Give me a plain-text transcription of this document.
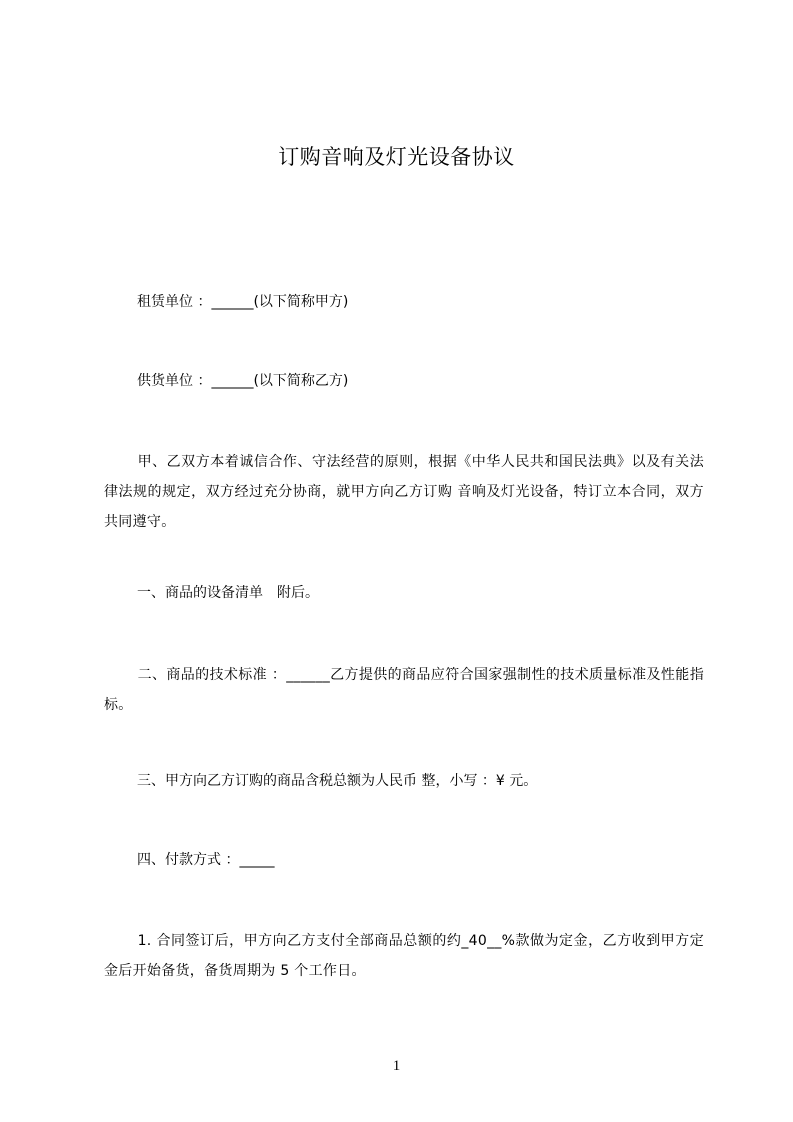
订购音响及灯光设备协议
租赁单位 ：______(以下简称甲方)
供货单位 ：______(以下简称乙方)
甲、乙双方本着诚信合作、守法经营的原则，根据《中华人民共和国民法典》以及有关法律法规的规定，双方经过充分协商，就甲方向乙方订购 音响及灯光设备，特订立本合同，双方共同遵守。
一、商品的设备清单　附后。
二、商品的技术标准 ：______乙方提供的商品应符合国家强制性的技术质量标准及性能指标。
三、甲方向乙方订购的商品含税总额为人民币 整，小写 ：¥ 元。
四、付款方式 ：_____
1. 合同签订后，甲方向乙方支付全部商品总额的约_40__%款做为定金，乙方收到甲方定金后开始备货，备货周期为 5 个工作日。
1
